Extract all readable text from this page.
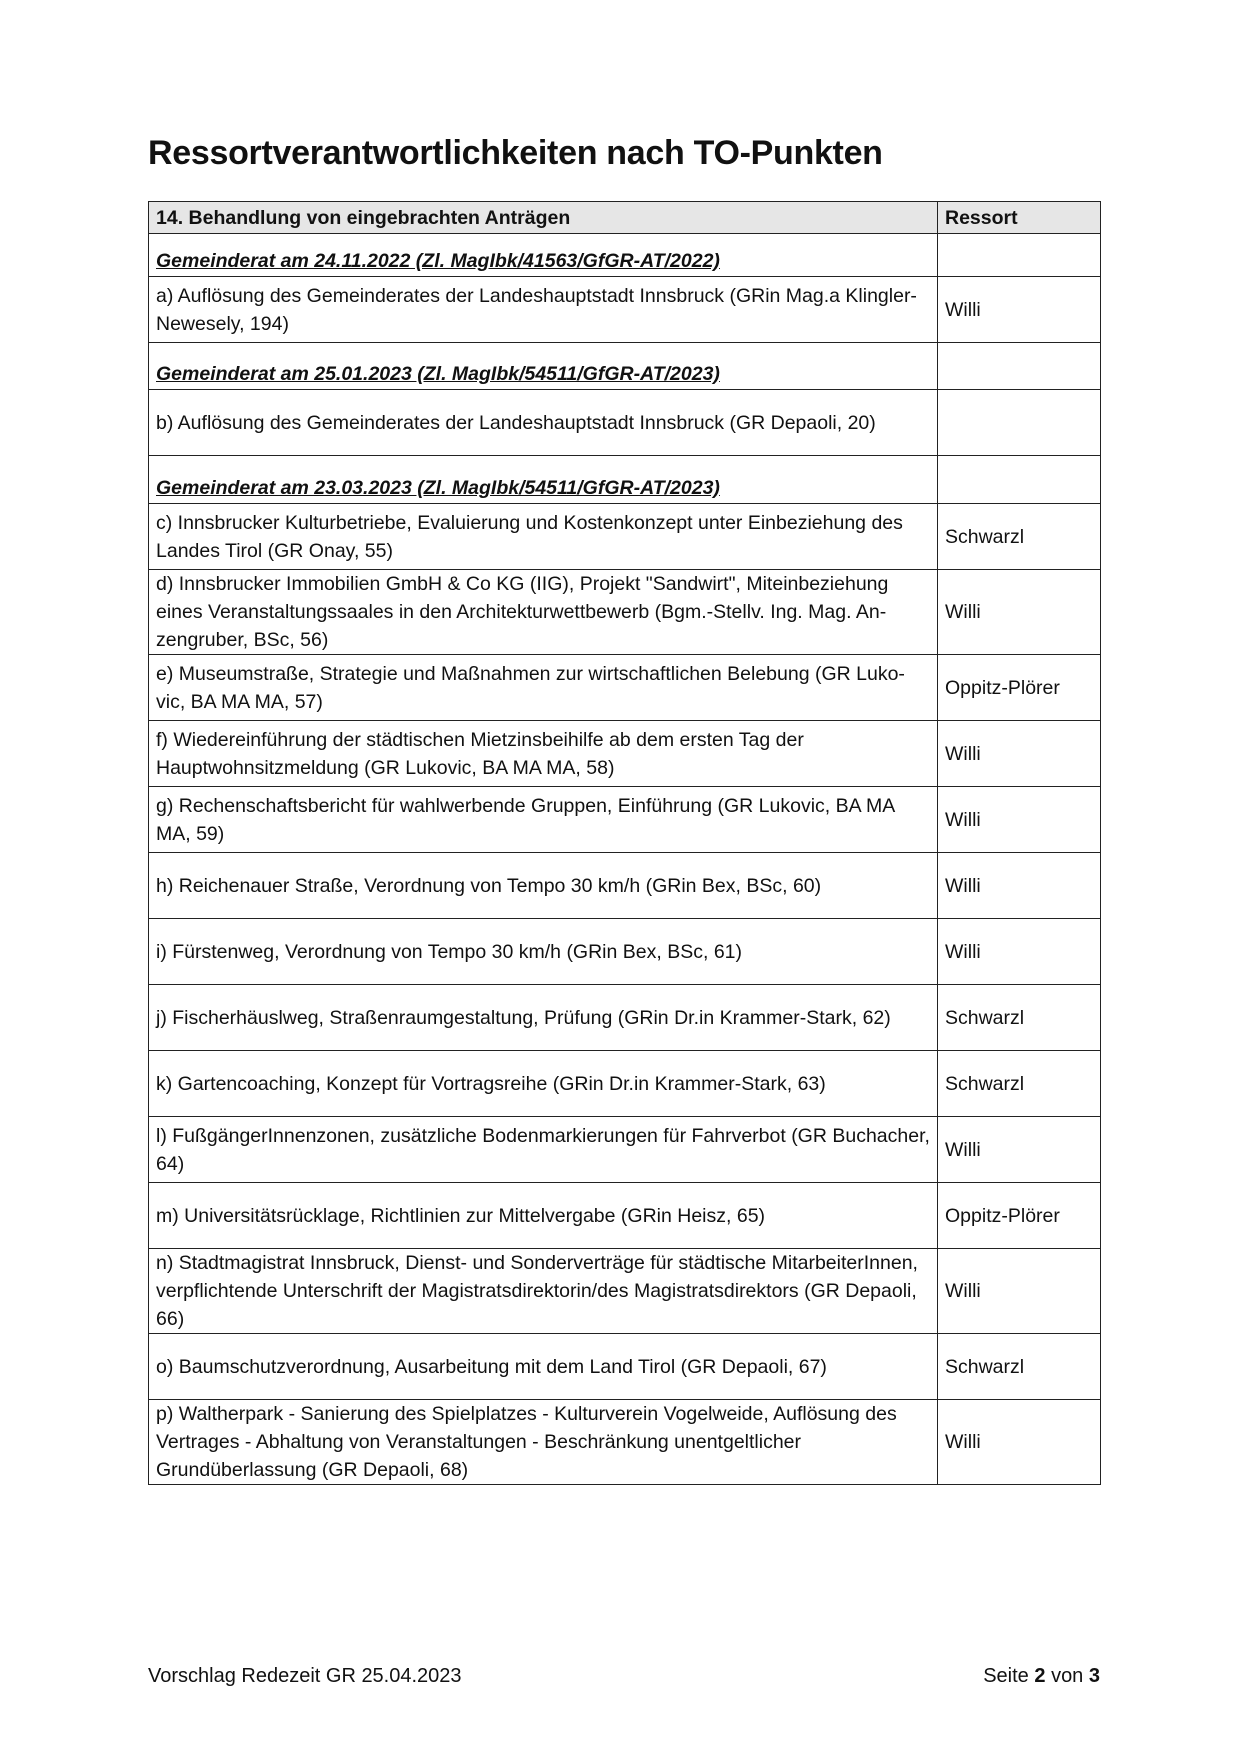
Ressortverantwortlichkeiten nach TO-Punkten
14. Behandlung von eingebrachten Anträgen	Ressort
Gemeinderat am 24.11.2022 (Zl. MagIbk/41563/GfGR-AT/2022)	
a) Auflösung des Gemeinderates der Landeshauptstadt Innsbruck (GRin Mag.a Klingler-Newesely, 194)	Willi
Gemeinderat am 25.01.2023 (Zl. MagIbk/54511/GfGR-AT/2023)	
b) Auflösung des Gemeinderates der Landeshauptstadt Innsbruck (GR Depaoli, 20)	
Gemeinderat am 23.03.2023 (Zl. MagIbk/54511/GfGR-AT/2023)	
c) Innsbrucker Kulturbetriebe, Evaluierung und Kostenkonzept unter Einbeziehung des Landes Tirol (GR Onay, 55)	Schwarzl
d) Innsbrucker Immobilien GmbH & Co KG (IIG), Projekt "Sandwirt", Miteinbeziehung eines Veranstaltungssaales in den Architekturwettbewerb (Bgm.-Stellv. Ing. Mag. An-zengruber, BSc, 56)	Willi
e) Museumstraße, Strategie und Maßnahmen zur wirtschaftlichen Belebung (GR Luko-vic, BA MA MA, 57)	Oppitz-Plörer
f) Wiedereinführung der städtischen Mietzinsbeihilfe ab dem ersten Tag der Hauptwohnsitzmeldung (GR Lukovic, BA MA MA, 58)	Willi
g) Rechenschaftsbericht für wahlwerbende Gruppen, Einführung (GR Lukovic, BA MA MA, 59)	Willi
h) Reichenauer Straße, Verordnung von Tempo 30 km/h (GRin Bex, BSc, 60)	Willi
i) Fürstenweg, Verordnung von Tempo 30 km/h (GRin Bex, BSc, 61)	Willi
j) Fischerhäuslweg, Straßenraumgestaltung, Prüfung (GRin Dr.in Krammer-Stark, 62)	Schwarzl
k) Gartencoaching, Konzept für Vortragsreihe (GRin Dr.in Krammer-Stark, 63)	Schwarzl
l) FußgängerInnenzonen, zusätzliche Bodenmarkierungen für Fahrverbot (GR Buchacher, 64)	Willi
m) Universitätsrücklage, Richtlinien zur Mittelvergabe (GRin Heisz, 65)	Oppitz-Plörer
n) Stadtmagistrat Innsbruck, Dienst- und Sonderverträge für städtische MitarbeiterInnen, verpflichtende Unterschrift der Magistratsdirektorin/des Magistratsdirektors (GR Depaoli, 66)	Willi
o) Baumschutzverordnung, Ausarbeitung mit dem Land Tirol (GR Depaoli, 67)	Schwarzl
p) Waltherpark - Sanierung des Spielplatzes - Kulturverein Vogelweide, Auflösung des Vertrages - Abhaltung von Veranstaltungen - Beschränkung unentgeltlicher Grundüberlassung (GR Depaoli, 68)	Willi
Vorschlag Redezeit GR 25.04.2023	Seite 2 von 3
